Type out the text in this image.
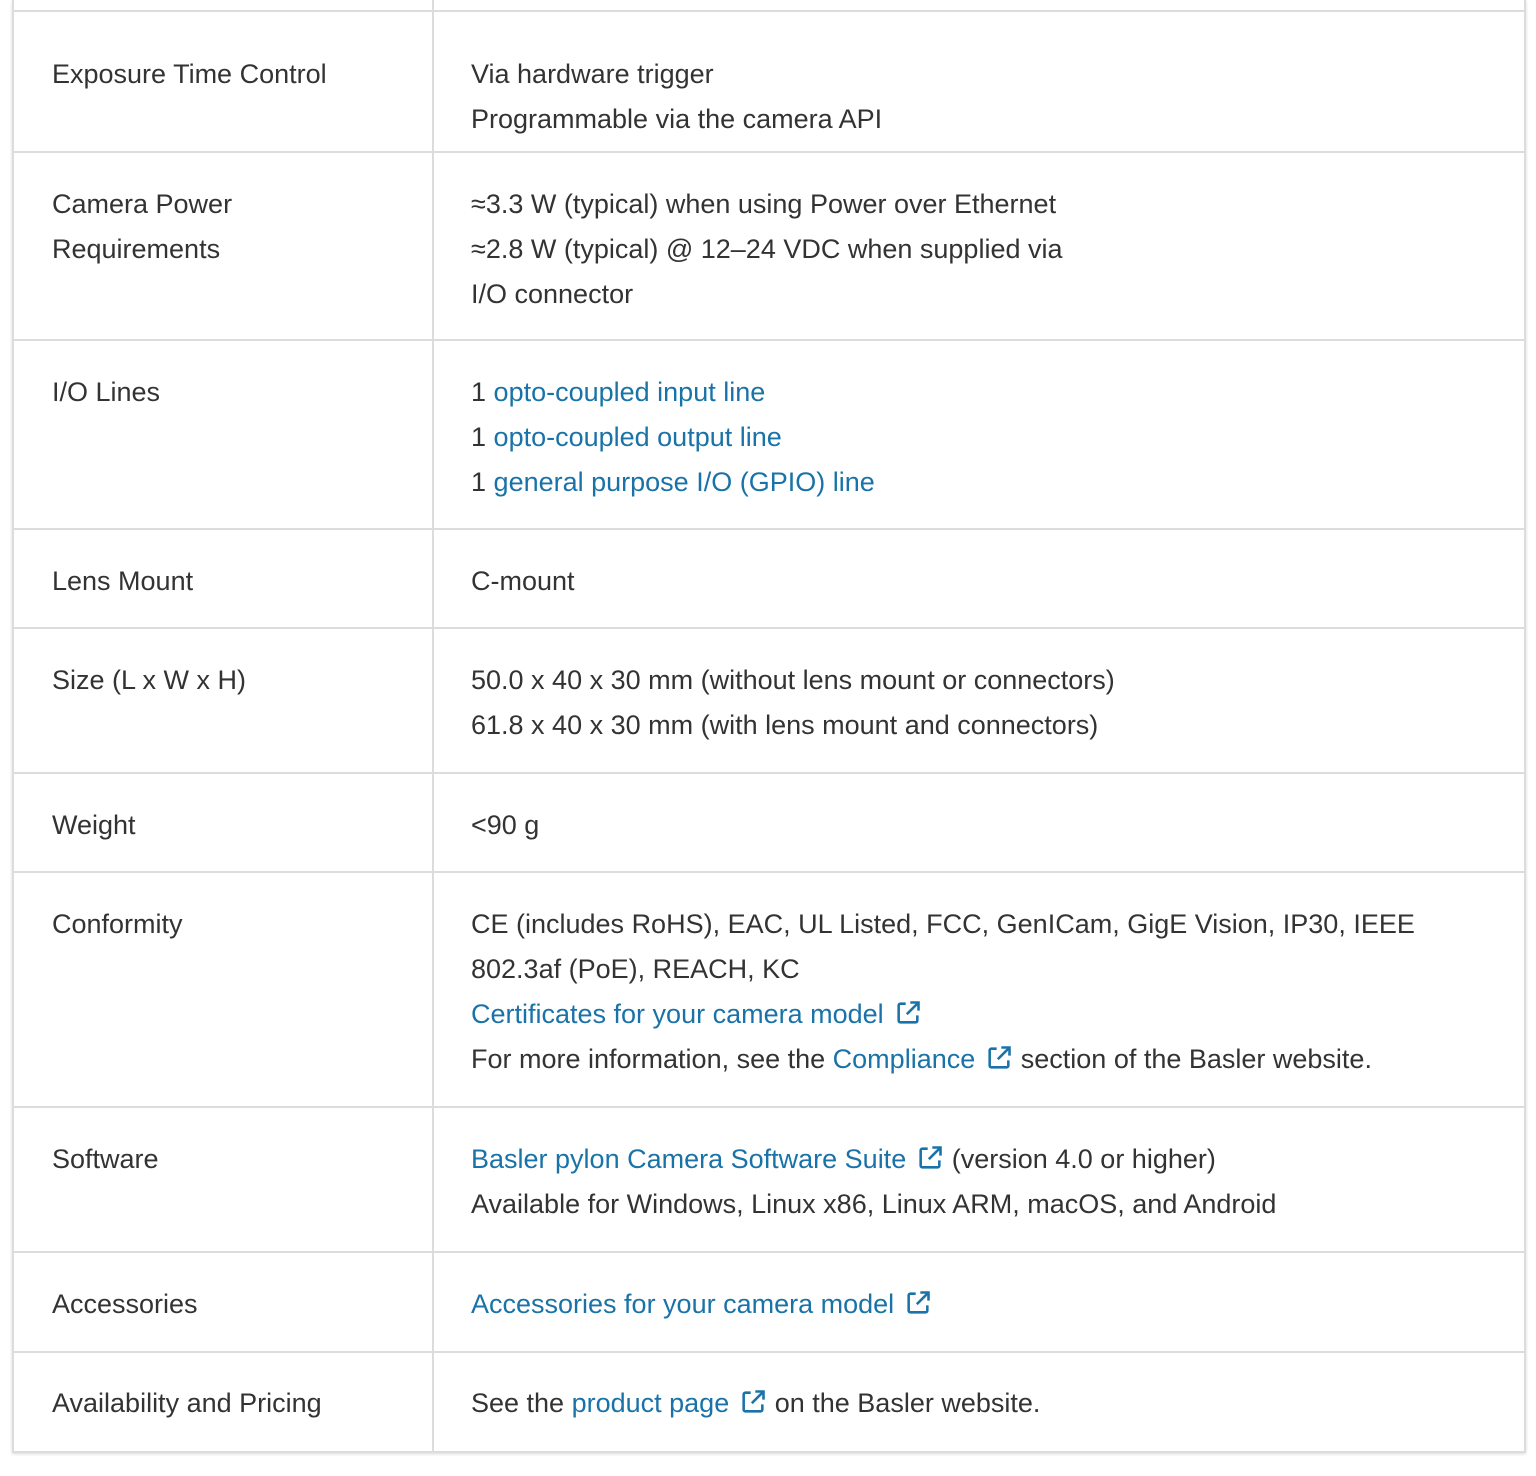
Exposure Time Control	Via hardware trigger
Programmable via the camera API

Camera Power Requirements	≈3.3 W (typical) when using Power over Ethernet
≈2.8 W (typical) @ 12–24 VDC when supplied via
I/O connector

I/O Lines	1 opto-coupled input line
1 opto-coupled output line
1 general purpose I/O (GPIO) line

Lens Mount	C-mount

Size (L x W x H)	50.0 x 40 x 30 mm (without lens mount or connectors)
61.8 x 40 x 30 mm (with lens mount and connectors)

Weight	<90 g

Conformity	CE (includes RoHS), EAC, UL Listed, FCC, GenICam, GigE Vision, IP30, IEEE 802.3af (PoE), REACH, KC
Certificates for your camera model
For more information, see the Compliance section of the Basler website.

Software	Basler pylon Camera Software Suite (version 4.0 or higher)
Available for Windows, Linux x86, Linux ARM, macOS, and Android

Accessories	Accessories for your camera model

Availability and Pricing	See the product page on the Basler website.
